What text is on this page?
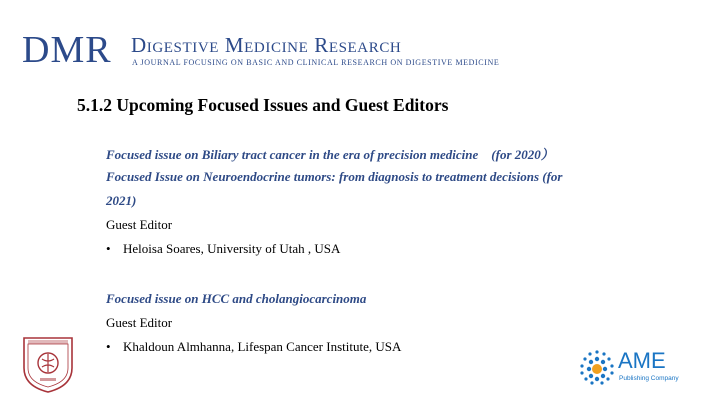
DMR Digestive Medicine Research
A JOURNAL FOCUSING ON BASIC AND CLINICAL RESEARCH ON DIGESTIVE MEDICINE
5.1.2 Upcoming Focused Issues and Guest Editors
Focused issue on Biliary tract cancer in the era of precision medicine　(for 2020）
Focused Issue on Neuroendocrine tumors: from diagnosis to treatment decisions (for
2021)
Guest Editor
• Heloisa Soares, University of Utah , USA
Focused issue on HCC and cholangiocarcinoma
Guest Editor
• Khaldoun Almhanna, Lifespan Cancer Institute, USA
AME
Publishing Company
